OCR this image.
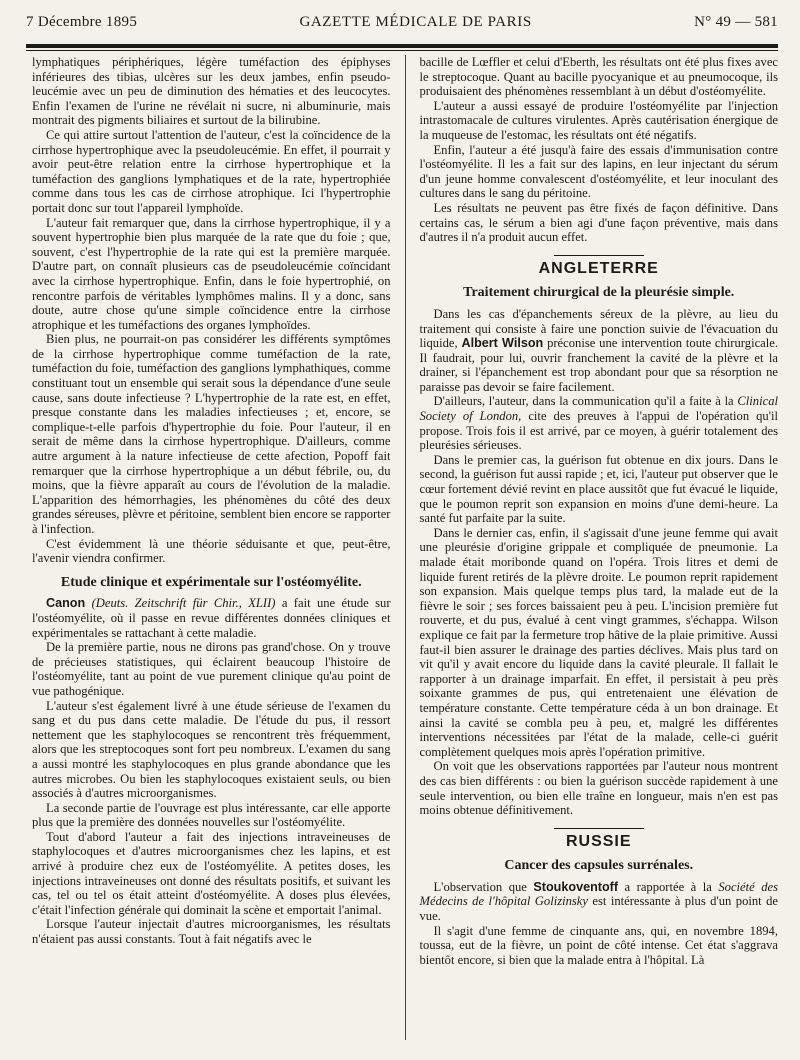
7 Décembre 1895	GAZETTE MÉDICALE DE PARIS	N° 49 — 581

lymphatiques périphériques, légère tuméfaction des épiphyses inférieures des tibias, ulcères sur les deux jambes, enfin pseudo-leucémie avec un peu de diminution des hématies et des leucocytes. Enfin l'examen de l'urine ne révélait ni sucre, ni albuminurie, mais montrait des pigments biliaires et surtout de la bilirubine.

Ce qui attire surtout l'attention de l'auteur, c'est la coïncidence de la cirrhose hypertrophique avec la pseudoleucémie. En effet, il pourrait y avoir peut-être relation entre la cirrhose hypertrophique et la tuméfaction des ganglions lymphatiques et de la rate, hypertrophiée comme dans tous les cas de cirrhose atrophique. Ici l'hypertrophie portait donc sur tout l'appareil lymphoïde.

L'auteur fait remarquer que, dans la cirrhose hypertrophique, il y a souvent hypertrophie bien plus marquée de la rate que du foie ; que, souvent, c'est l'hypertrophie de la rate qui est la première marquée. D'autre part, on connaît plusieurs cas de pseudoleucémie coïncidant avec la cirrhose hypertrophique. Enfin, dans le foie hypertrophié, on rencontre parfois de véritables lymphômes malins. Il y a donc, sans doute, autre chose qu'une simple coïncidence entre la cirrhose atrophique et les tuméfactions des organes lymphoïdes.

Bien plus, ne pourrait-on pas considérer les différents symptômes de la cirrhose hypertrophique comme tuméfaction de la rate, tuméfaction du foie, tuméfaction des ganglions lymphathiques, comme constituant tout un ensemble qui serait sous la dépendance d'une seule cause, sans doute infectieuse ? L'hypertrophie de la rate est, en effet, presque constante dans les maladies infectieuses ; et, encore, se complique-t-elle parfois d'hypertrophie du foie. Pour l'auteur, il en serait de même dans la cirrhose hypertrophique. D'ailleurs, comme autre argument à la nature infectieuse de cette afection, Popoff fait remarquer que la cirrhose hypertrophique a un début fébrile, ou, du moins, que la fièvre apparaît au cours de l'évolution de la maladie. L'apparition des hémorrhagies, les phénomènes du côté des deux grandes séreuses, plèvre et péritoine, semblent bien encore se rapporter à l'infection.

C'est évidemment là une théorie séduisante et que, peut-être, l'avenir viendra confirmer.

Etude clinique et expérimentale sur l'ostéomyélite.

Canon (Deuts. Zeitschrift für Chir., XLII) a fait une étude sur l'ostéomyélite, où il passe en revue différentes données cliniques et expérimentales se rattachant à cette maladie.

De la première partie, nous ne dirons pas grand'chose. On y trouve de précieuses statistiques, qui éclairent beaucoup l'histoire de l'ostéomyélite, tant au point de vue purement clinique qu'au point de vue pathogénique.

L'auteur s'est également livré à une étude sérieuse de l'examen du sang et du pus dans cette maladie. De l'étude du pus, il ressort nettement que les staphylocoques se rencontrent très fréquemment, alors que les streptocoques sont fort peu nombreux. L'examen du sang a aussi montré les staphylocoques en plus grande abondance que les autres microbes. Ou bien les staphylocoques existaient seuls, ou bien associés à d'autres microorganismes.

La seconde partie de l'ouvrage est plus intéressante, car elle apporte plus que la première des données nouvelles sur l'ostéomyélite.

Tout d'abord l'auteur a fait des injections intraveineuses de staphylocoques et d'autres microorganismes chez les lapins, et est arrivé à produire chez eux de l'ostéomyélite. A petites doses, les injections intraveineuses ont donné des résultats positifs, et suivant les cas, tel ou tel os était atteint d'ostéomyélite. A doses plus élevées, c'était l'infection générale qui dominait la scène et emportait l'animal.

Lorsque l'auteur injectait d'autres microorganismes, les résultats n'étaient pas aussi constants. Tout à fait négatifs avec le

bacille de Lœffler et celui d'Eberth, les résultats ont été plus fixes avec le streptocoque. Quant au bacille pyocyanique et au pneumocoque, ils produisaient des phénomènes ressemblant à un début d'ostéomyélite.

L'auteur a aussi essayé de produire l'ostéomyélite par l'injection intrastomacale de cultures virulentes. Après cautérisation énergique de la muqueuse de l'estomac, les résultats ont été négatifs.

Enfin, l'auteur a été jusqu'à faire des essais d'immunisation contre l'ostéomyélite. Il les a fait sur des lapins, en leur injectant du sérum d'un jeune homme convalescent d'ostéomyélite, et leur inoculant des cultures dans le sang du péritoine.

Les résultats ne peuvent pas être fixés de façon définitive. Dans certains cas, le sérum a bien agi d'une façon préventive, mais dans d'autres il n'a produit aucun effet.

ANGLETERRE
Traitement chirurgical de la pleurésie simple.

Dans les cas d'épanchements séreux de la plèvre, au lieu du traitement qui consiste à faire une ponction suivie de l'évacuation du liquide, Albert Wilson préconise une intervention toute chirurgicale. Il faudrait, pour lui, ouvrir franchement la cavité de la plèvre et la drainer, si l'épanchement est trop abondant pour que sa résorption ne paraisse pas devoir se faire facilement.

D'ailleurs, l'auteur, dans la communication qu'il a faite à la Clinical Society of London, cite des preuves à l'appui de l'opération qu'il propose. Trois fois il est arrivé, par ce moyen, à guérir totalement des pleurésies sérieuses.

Dans le premier cas, la guérison fut obtenue en dix jours. Dans le second, la guérison fut aussi rapide ; et, ici, l'auteur put observer que le cœur fortement dévié revint en place aussitôt que fut évacué le liquide, que le poumon reprit son expansion en moins d'une demi-heure. La santé fut parfaite par la suite.

Dans le dernier cas, enfin, il s'agissait d'une jeune femme qui avait une pleurésie d'origine grippale et compliquée de pneumonie. La malade était moribonde quand on l'opéra. Trois litres et demi de liquide furent retirés de la plèvre droite. Le poumon reprit rapidement son expansion. Mais quelque temps plus tard, la malade eut de la fièvre le soir ; ses forces baissaient peu à peu. L'incision première fut rouverte, et du pus, évalué à cent vingt grammes, s'échappa. Wilson explique ce fait par la fermeture trop hâtive de la plaie primitive. Aussi faut-il bien assurer le drainage des parties déclives. Mais plus tard on vit qu'il y avait encore du liquide dans la cavité pleurale. Il fallait le rapporter à un drainage imparfait. En effet, il persistait à peu près soixante grammes de pus, qui entretenaient une élévation de température constante. Cette température céda à un bon drainage. Et ainsi la cavité se combla peu à peu, et, malgré les différentes interventions nécessitées par l'état de la malade, celle-ci guérit complètement quelques mois après l'opération primitive.

On voit que les observations rapportées par l'auteur nous montrent des cas bien différents : ou bien la guérison succède rapidement à une seule intervention, ou bien elle traîne en longueur, mais n'en est pas moins obtenue définitivement.

RUSSIE
Cancer des capsules surrénales.

L'observation que Stoukoventoff a rapportée à la Société des Médecins de l'hôpital Golizinsky est intéressante à plus d'un point de vue.

Il s'agit d'une femme de cinquante ans, qui, en novembre 1894, toussa, eut de la fièvre, un point de côté intense. Cet état s'aggrava bientôt encore, si bien que la malade entra à l'hôpital. Là
